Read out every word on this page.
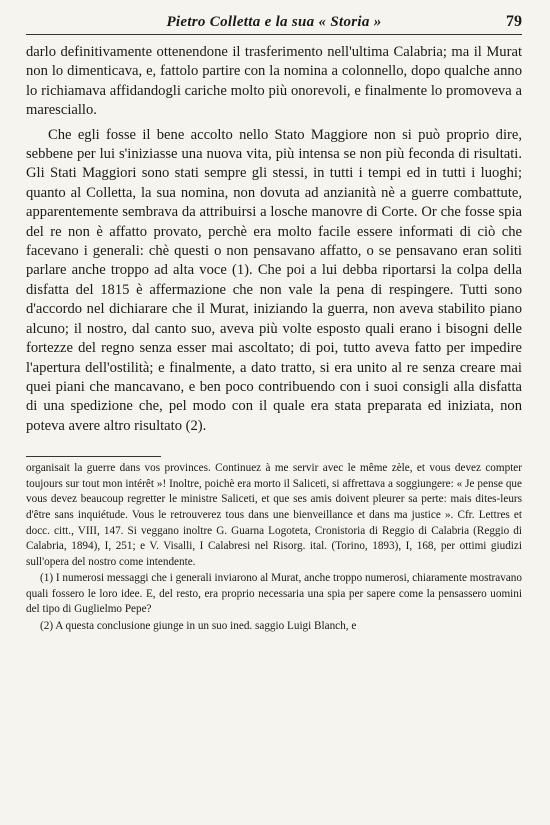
Pietro Colletta e la sua « Storia »	79

darlo definitivamente ottenendone il trasferimento nell'ultima Calabria; ma il Murat non lo dimenticava, e, fattolo partire con la nomina a colonnello, dopo qualche anno lo richiamava affidandogli cariche molto più onorevoli, e finalmente lo promoveva a maresciallo.

Che egli fosse il bene accolto nello Stato Maggiore non si può proprio dire, sebbene per lui s'iniziasse una nuova vita, più intensa se non più feconda di risultati. Gli Stati Maggiori sono stati sempre gli stessi, in tutti i tempi ed in tutti i luoghi; quanto al Colletta, la sua nomina, non dovuta ad anzianità nè a guerre combattute, apparentemente sembrava da attribuirsi a losche manovre di Corte. Or che fosse spia del re non è affatto provato, perchè era molto facile essere informati di ciò che facevano i generali: chè questi o non pensavano affatto, o se pensavano eran soliti parlare anche troppo ad alta voce (1). Che poi a lui debba riportarsi la colpa della disfatta del 1815 è affermazione che non vale la pena di respingere. Tutti sono d'accordo nel dichiarare che il Murat, iniziando la guerra, non aveva stabilito piano alcuno; il nostro, dal canto suo, aveva più volte esposto quali erano i bisogni delle fortezze del regno senza esser mai ascoltato; di poi, tutto aveva fatto per impedire l'apertura dell'ostilità; e finalmente, a dato tratto, si era unito al re senza creare mai quei piani che mancavano, e ben poco contribuendo con i suoi consigli alla disfatta di una spedizione che, pel modo con il quale era stata preparata ed iniziata, non poteva avere altro risultato (2).

organisait la guerre dans vos provinces. Continuez à me servir avec le même zèle, et vous devez compter toujours sur tout mon intérêt »! Inoltre, poichè era morto il Saliceti, si affrettava a soggiungere: « Je pense que vous devez beaucoup regretter le ministre Saliceti, et que ses amis doivent pleurer sa perte: mais dites-leurs d'être sans inquiétude. Vous le retrouverez tous dans une bienveillance et dans ma justice ». Cfr. Lettres et docc. citt., VIII, 147. Si veggano inoltre G. Guarna Logoteta, Cronistoria di Reggio di Calabria (Reggio di Calabria, 1894), I, 251; e V. Visalli, I Calabresi nel Risorg. ital. (Torino, 1893), I, 168, per ottimi giudizi sull'opera del nostro come intendente.

(1) I numerosi messaggi che i generali inviarono al Murat, anche troppo numerosi, chiaramente mostravano quali fossero le loro idee. E, del resto, era proprio necessaria una spia per sapere come la pensassero uomini del tipo di Guglielmo Pepe?

(2) A questa conclusione giunge in un suo ined. saggio Luigi Blanch, e
